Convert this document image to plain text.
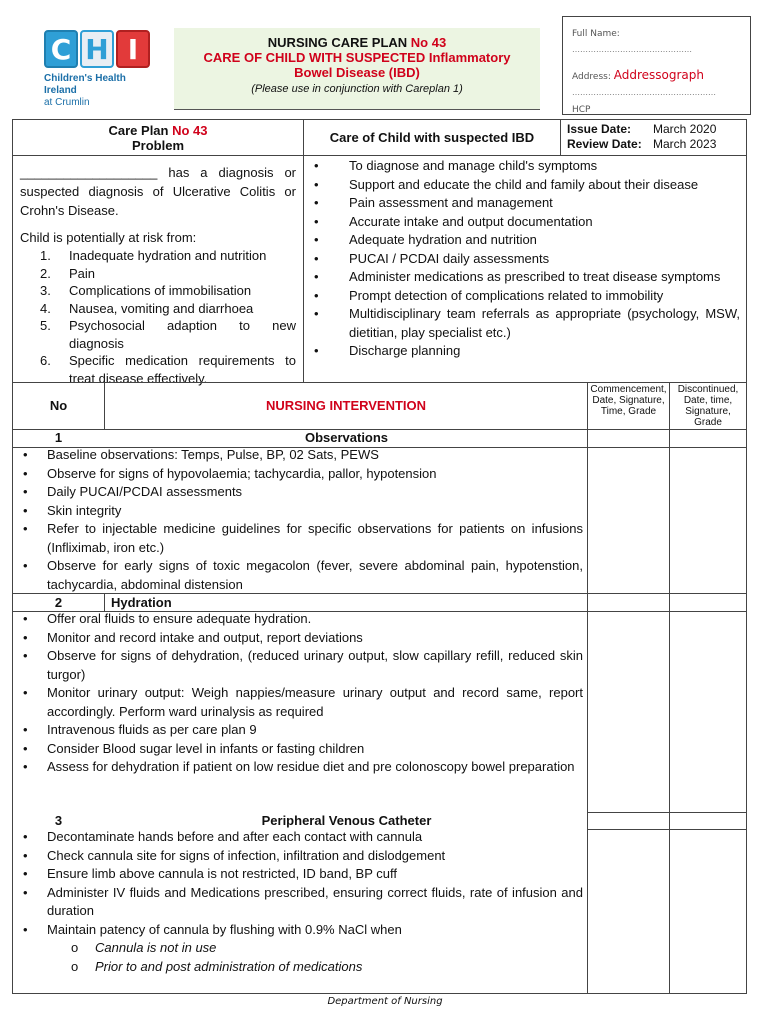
C H I
Children's Health Ireland
at Crumlin
NURSING CARE PLAN No 43
CARE OF CHILD WITH SUSPECTED Inflammatory
Bowel Disease (IBD)
(Please use in conjunction with Careplan 1)
Full Name:
………………………………………
Address: Addressograph
………………………………………………
HCP
Care Plan No 43
Problem
Care of Child with suspected IBD
Issue Date: March 2020
Review Date: March 2023
___________________ has a diagnosis or suspected diagnosis of Ulcerative Colitis or Crohn's Disease.
Child is potentially at risk from:
1. Inadequate hydration and nutrition
2. Pain
3. Complications of immobilisation
4. Nausea, vomiting and diarrhoea
5. Psychosocial adaption to new diagnosis
6. Specific medication requirements to treat disease effectively.
• To diagnose and manage child's symptoms
• Support and educate the child and family about their disease
• Pain assessment and management
• Accurate intake and output documentation
• Adequate hydration and nutrition
• PUCAI / PCDAI daily assessments
• Administer medications as prescribed to treat disease symptoms
• Prompt detection of complications related to immobility
• Multidisciplinary team referrals as appropriate (psychology, MSW, dietitian, play specialist etc.)
• Discharge planning
No	NURSING INTERVENTION
Commencement, Date, Signature, Time, Grade
Discontinued, Date, time, Signature, Grade
1	Observations
• Baseline observations: Temps, Pulse, BP, 02 Sats, PEWS
• Observe for signs of hypovolaemia; tachycardia, pallor, hypotension
• Daily PUCAI/PCDAI assessments
• Skin integrity
• Refer to injectable medicine guidelines for specific observations for patients on infusions (Infliximab, iron etc.)
• Observe for early signs of toxic megacolon (fever, severe abdominal pain, hypotenstion, tachycardia, abdominal distension
2	Hydration
• Offer oral fluids to ensure adequate hydration.
• Monitor and record intake and output, report deviations
• Observe for signs of dehydration, (reduced urinary output, slow capillary refill, reduced skin turgor)
• Monitor urinary output: Weigh nappies/measure urinary output and record same, report accordingly. Perform ward urinalysis as required
• Intravenous fluids as per care plan 9
• Consider Blood sugar level in infants or fasting children
• Assess for dehydration if patient on low residue diet and pre colonoscopy bowel preparation
3	Peripheral Venous Catheter
• Decontaminate hands before and after each contact with cannula
• Check cannula site for signs of infection, infiltration and dislodgement
• Ensure limb above cannula is not restricted, ID band, BP cuff
• Administer IV fluids and Medications prescribed, ensuring correct fluids, rate of infusion and duration
• Maintain patency of cannula by flushing with 0.9% NaCl when
o Cannula is not in use
o Prior to and post administration of medications
Department of Nursing
